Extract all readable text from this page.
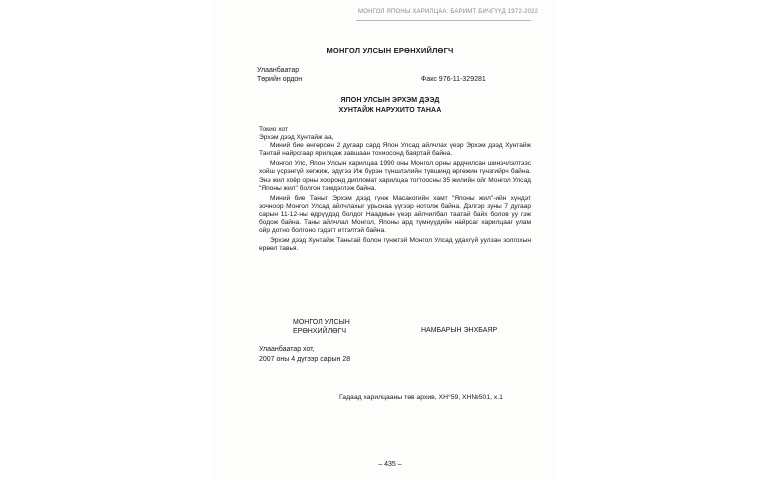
МОНГОЛ ЯПОНЫ ХАРИЛЦАА: БАРИМТ БИЧГҮҮД 1972-2022
МОНГОЛ УЛСЫН ЕРӨНХИЙЛӨГЧ
Улаанбаатар
Төрийн ордон	Факс 976-11-329281
ЯПОН УЛСЫН ЭРХЭМ ДЭЭД
ХУНТАЙЖ НАРУХИТО ТАНАА

Токио хот

Эрхэм дээд Хунтайж аа,

Миний бие өнгөрсөн 2 дугаар сард Япон Улсад айлчлах үеэр Эрхэм дээд Хунтайж Тантай найрсгаар ярилцаж завшаан тохиосонд баяртай байна.

Монгол Улс, Япон Улсын харилцаа 1990 оны Монгол орны ардчилсан шинэчлэлтээс хойш үсрэнгүй хөгжиж, эдүгээ Иж бүрэн түншлэлийн түвшинд өргөжин гүнзгийрч байна. Энэ жил хоёр орны хооронд дипломат харилцаа тогтоосны 35 жилийн ойг Монгол Улсад "Японы жил" болгон тэмдэглэж байна.

Миний бие Таныг Эрхэм дээд гүнж Масакогийн хамт "Японы жил"-ийн хүндэт зочноор Монгол Улсад айлчлахыг урьснаа үүгээр нотолж байна. Дэлгэр зуны 7 дугаар сарын 11-12-ны өдрүүдэд болдог Наадмын үеэр айлчилбал таатай байх болов уу гэж бодож байна. Таны айлчлал Монгол, Японы ард түмнүүдийн найрсаг харилцааг улам ойр дотно болгоно гэдэгт итгэлтэй байна.

Эрхэм дээд Хунтайж Таньтай болон гүнжтэй Монгол Улсад удахгүй уулзан золгохын ерөөл тавья.

МОНГОЛ УЛСЫН
ЕРӨНХИЙЛӨГЧ	НАМБАРЫН ЭНХБАЯР
Улаанбаатар хот,
2007 оны 4 дүгээр сарын 28
Гадаад харилцааны төв архив, ХН°59, ХН№501, х.1
– 435 –
